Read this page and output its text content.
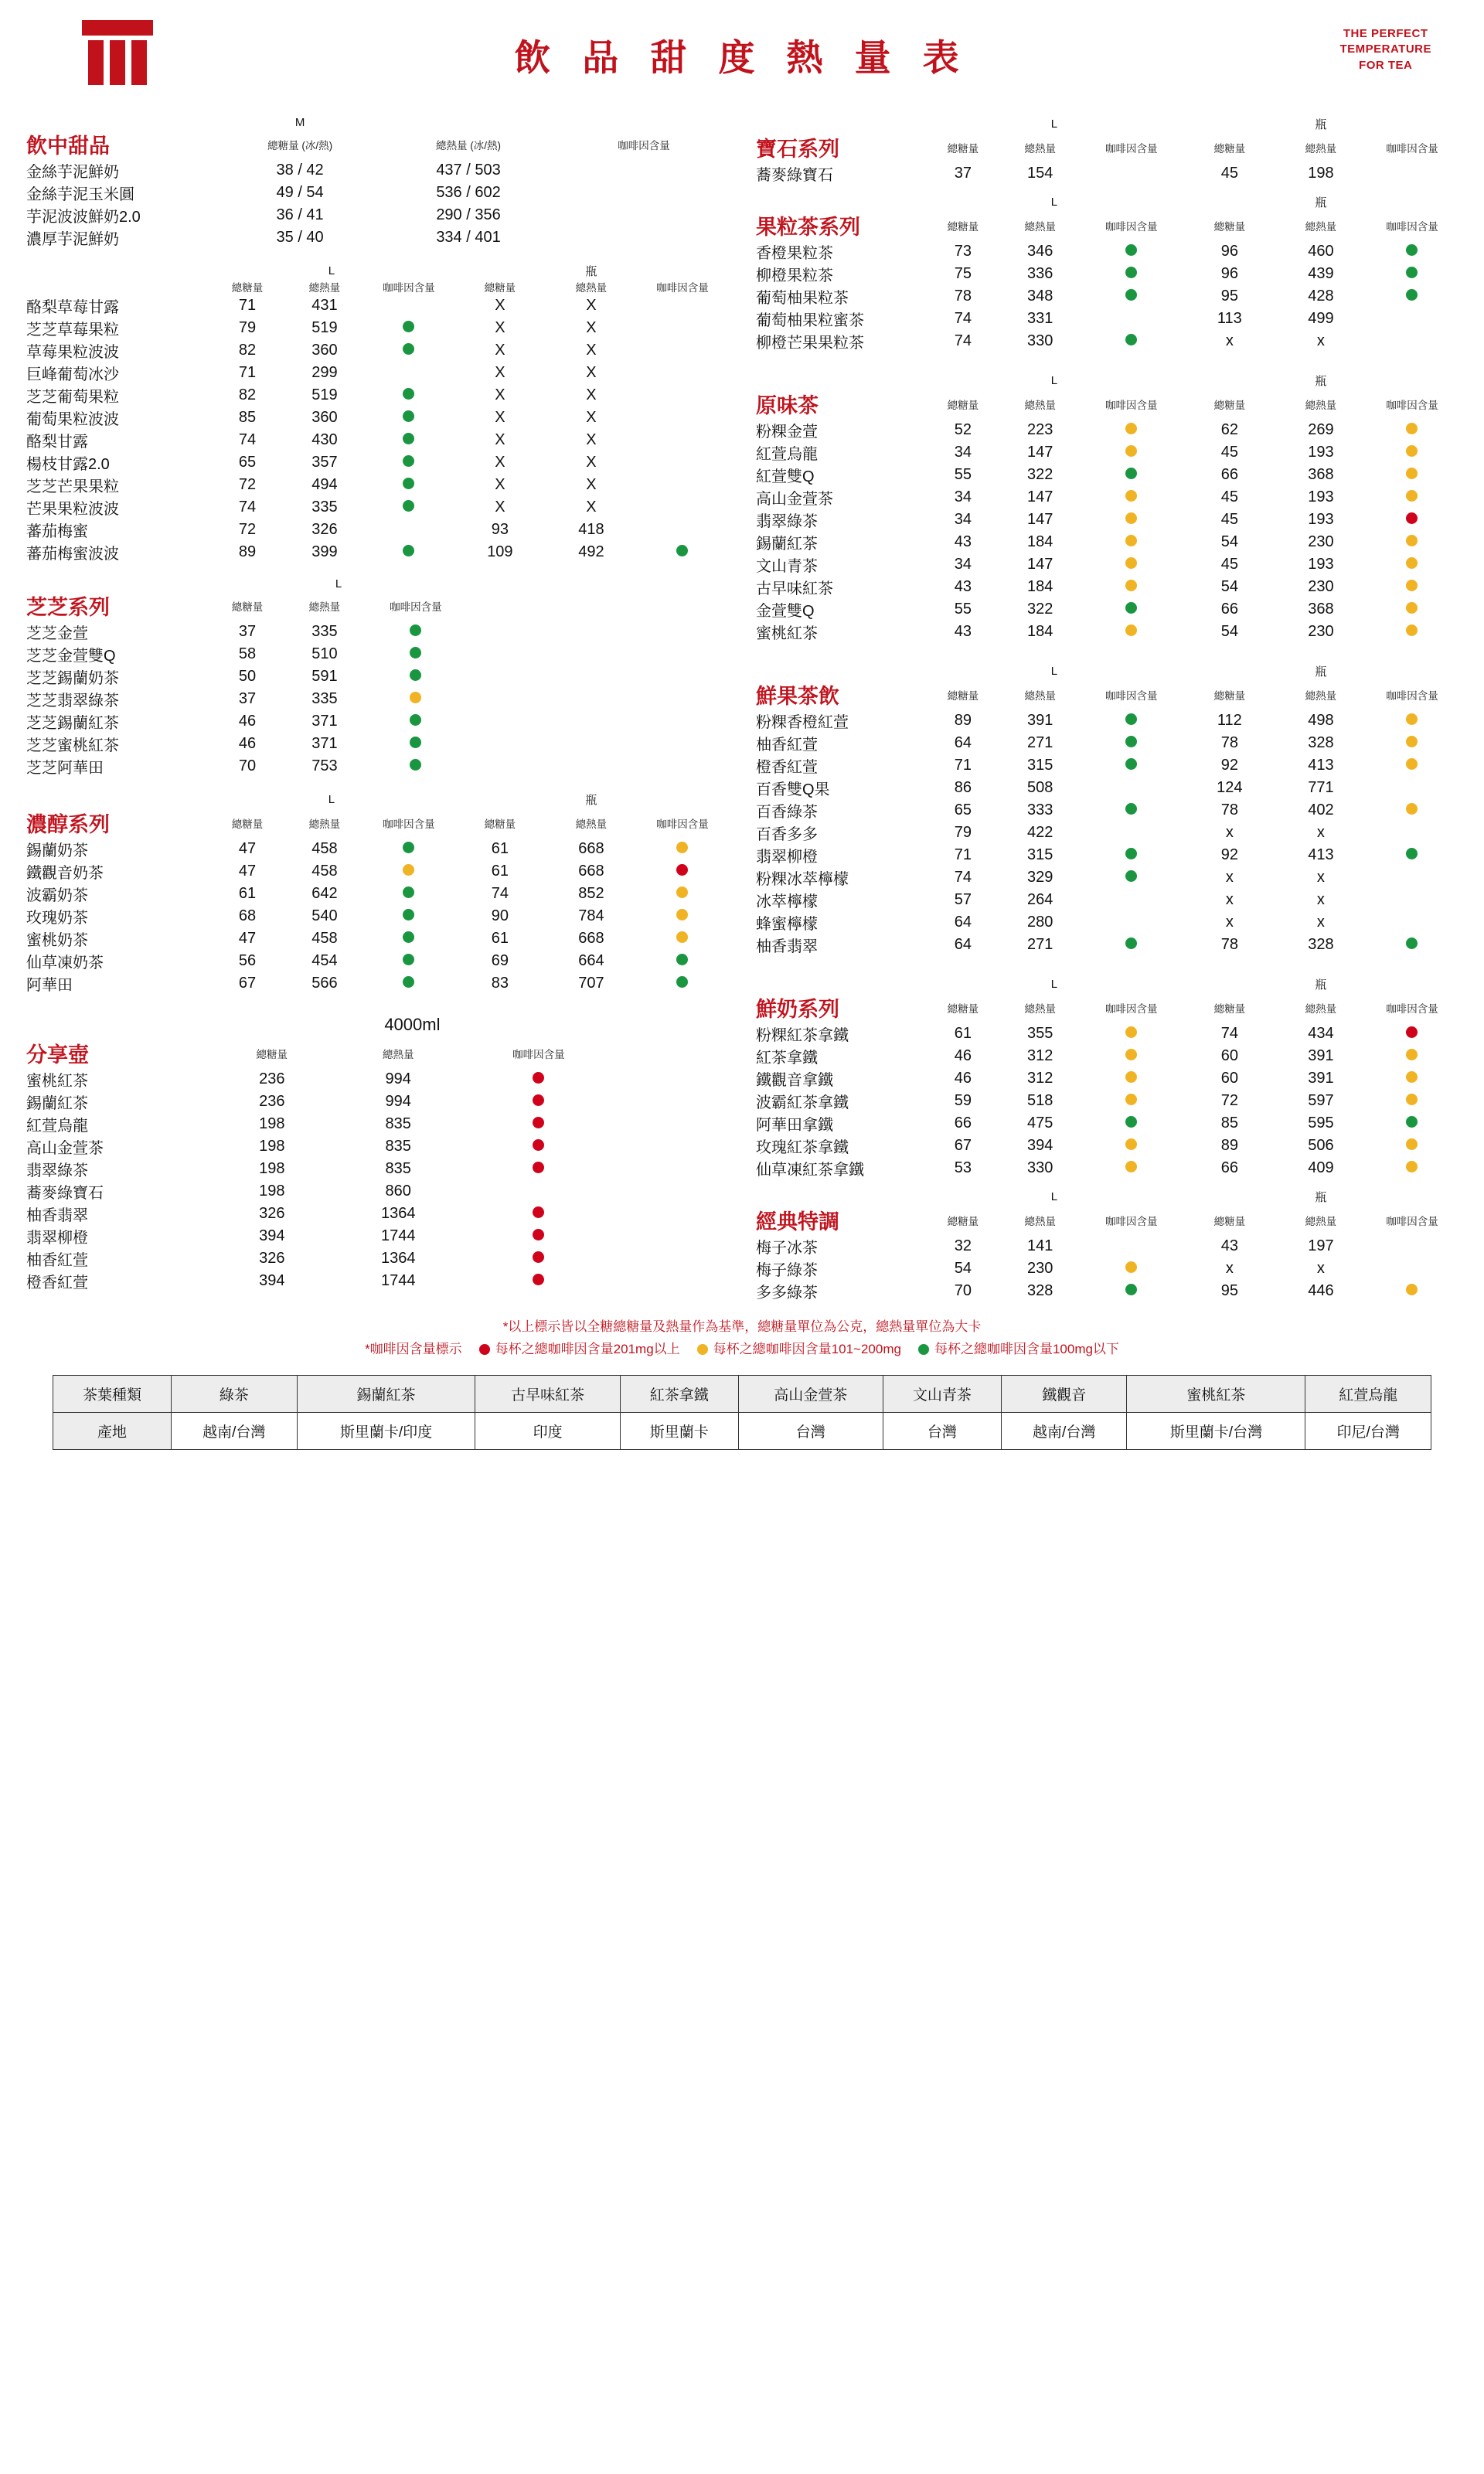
飲 品 甜 度 熱 量 表
THE PERFECT
TEMPERATURE
FOR TEA
	M		
飲中甜品	總糖量 (冰/熱)	總熱量 (冰/熱)	咖啡因含量
金絲芋泥鮮奶	38 / 42	437 / 503	
金絲芋泥玉米圓	49 / 54	536 / 602	
芋泥波波鮮奶2.0	36 / 41	290 / 356	
濃厚芋泥鮮奶	35 / 40	334 / 401	
	L			瓶		
	總糖量	總熱量	咖啡因含量	總糖量	總熱量	咖啡因含量
酪梨草莓甘露	71	431		X	X	
芝芝草莓果粒	79	519		X	X	
草莓果粒波波	82	360		X	X	
巨峰葡萄冰沙	71	299		X	X	
芝芝葡萄果粒	82	519		X	X	
葡萄果粒波波	85	360		X	X	
酪梨甘露	74	430		X	X	
楊枝甘露2.0	65	357		X	X	
芝芝芒果果粒	72	494		X	X	
芒果果粒波波	74	335		X	X	
蕃茄梅蜜	72	326		93	418	
蕃茄梅蜜波波	89	399		109	492	
	L			
芝芝系列	總糖量	總熱量	咖啡因含量	
芝芝金萱	37	335		
芝芝金萱雙Q	58	510		
芝芝錫蘭奶茶	50	591		
芝芝翡翠綠茶	37	335		
芝芝錫蘭紅茶	46	371		
芝芝蜜桃紅茶	46	371		
芝芝阿華田	70	753		
	L			瓶		
濃醇系列	總糖量	總熱量	咖啡因含量	總糖量	總熱量	咖啡因含量
錫蘭奶茶	47	458		61	668	
鐵觀音奶茶	47	458		61	668	
波霸奶茶	61	642		74	852	
玫瑰奶茶	68	540		90	784	
蜜桃奶茶	47	458		61	668	
仙草凍奶茶	56	454		69	664	
阿華田	67	566		83	707	
	4000ml			
分享壺	總糖量	總熱量	咖啡因含量	
蜜桃紅茶	236	994		
錫蘭紅茶	236	994		
紅萱烏龍	198	835		
高山金萱茶	198	835		
翡翠綠茶	198	835		
蕎麥綠寶石	198	860		
柚香翡翠	326	1364		
翡翠柳橙	394	1744		
柚香紅萱	326	1364		
橙香紅萱	394	1744		
	L			瓶		
寶石系列	總糖量	總熱量	咖啡因含量	總糖量	總熱量	咖啡因含量
蕎麥綠寶石	37	154		45	198	
	L			瓶		
果粒茶系列	總糖量	總熱量	咖啡因含量	總糖量	總熱量	咖啡因含量
香橙果粒茶	73	346		96	460	
柳橙果粒茶	75	336		96	439	
葡萄柚果粒茶	78	348		95	428	
葡萄柚果粒蜜茶	74	331		113	499	
柳橙芒果果粒茶	74	330		x	x	
	L			瓶		
原味茶	總糖量	總熱量	咖啡因含量	總糖量	總熱量	咖啡因含量
粉粿金萱	52	223		62	269	
紅萱烏龍	34	147		45	193	
紅萱雙Q	55	322		66	368	
高山金萱茶	34	147		45	193	
翡翠綠茶	34	147		45	193	
錫蘭紅茶	43	184		54	230	
文山青茶	34	147		45	193	
古早味紅茶	43	184		54	230	
金萱雙Q	55	322		66	368	
蜜桃紅茶	43	184		54	230	
	L			瓶		
鮮果茶飲	總糖量	總熱量	咖啡因含量	總糖量	總熱量	咖啡因含量
粉粿香橙紅萱	89	391		112	498	
柚香紅萱	64	271		78	328	
橙香紅萱	71	315		92	413	
百香雙Q果	86	508		124	771	
百香綠茶	65	333		78	402	
百香多多	79	422		x	x	
翡翠柳橙	71	315		92	413	
粉粿冰萃檸檬	74	329		x	x	
冰萃檸檬	57	264		x	x	
蜂蜜檸檬	64	280		x	x	
柚香翡翠	64	271		78	328	
	L			瓶		
鮮奶系列	總糖量	總熱量	咖啡因含量	總糖量	總熱量	咖啡因含量
粉粿紅茶拿鐵	61	355		74	434	
紅茶拿鐵	46	312		60	391	
鐵觀音拿鐵	46	312		60	391	
波霸紅茶拿鐵	59	518		72	597	
阿華田拿鐵	66	475		85	595	
玫瑰紅茶拿鐵	67	394		89	506	
仙草凍紅茶拿鐵	53	330		66	409	
	L			瓶		
經典特調	總糖量	總熱量	咖啡因含量	總糖量	總熱量	咖啡因含量
梅子冰茶	32	141		43	197	
梅子綠茶	54	230		x	x	
多多綠茶	70	328		95	446	
*以上標示皆以全糖總糖量及熱量作為基準，總糖量單位為公克，總熱量單位為大卡
*咖啡因含量標示	每杯之總咖啡因含量201mg以上	每杯之總咖啡因含量101~200mg	每杯之總咖啡因含量100mg以下
茶葉種類	綠茶	錫蘭紅茶	古早味紅茶	紅茶拿鐵	高山金萱茶	文山青茶	鐵觀音	蜜桃紅茶	紅萱烏龍
產地	越南/台灣	斯里蘭卡/印度	印度	斯里蘭卡	台灣	台灣	越南/台灣	斯里蘭卡/台灣	印尼/台灣
